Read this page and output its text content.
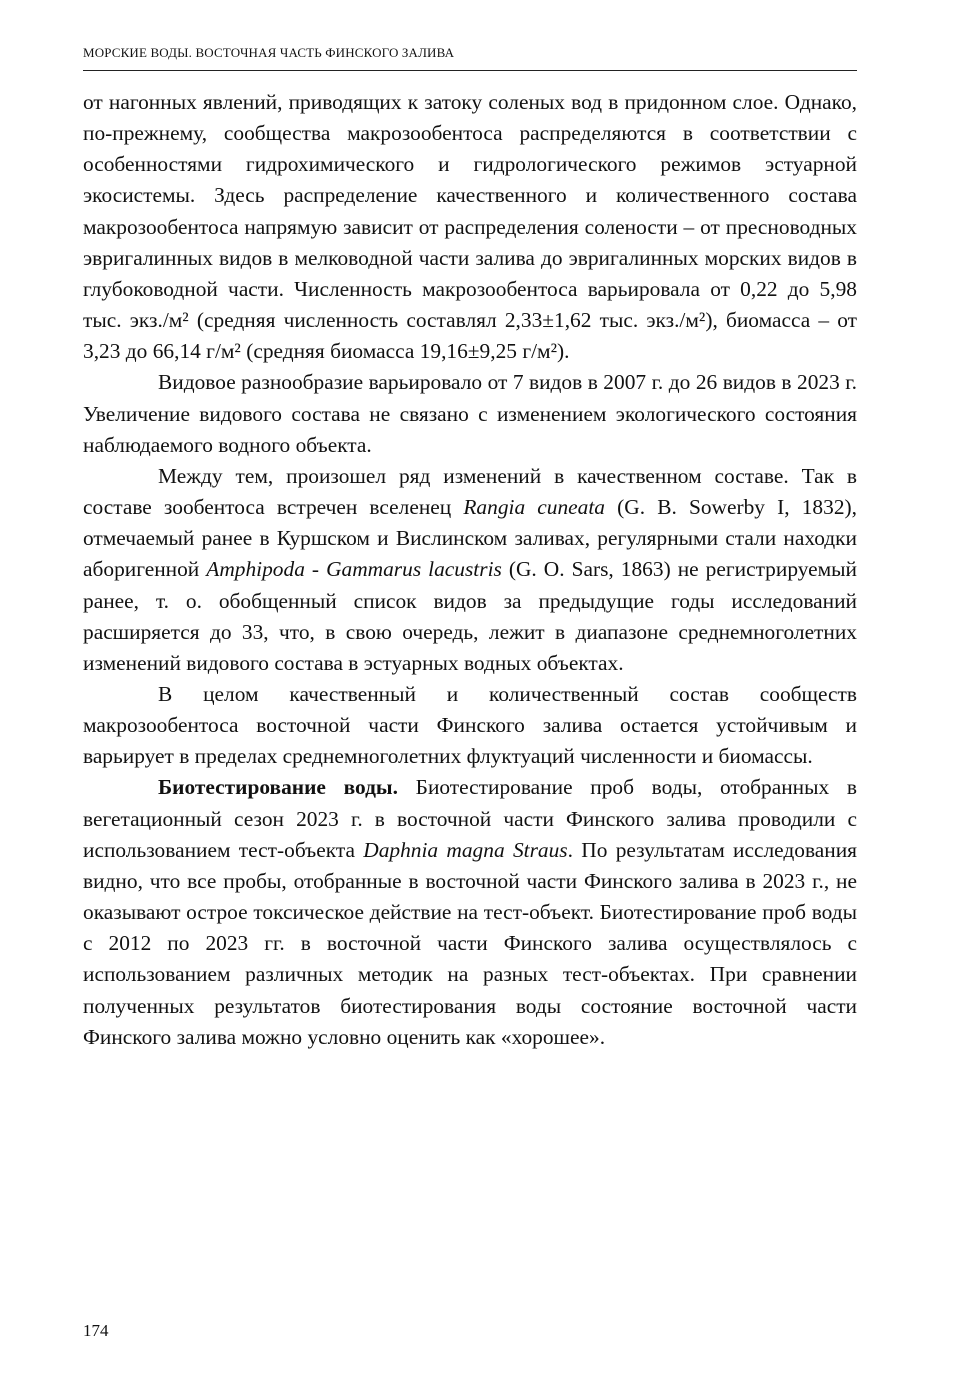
МОРСКИЕ ВОДЫ. ВОСТОЧНАЯ ЧАСТЬ ФИНСКОГО ЗАЛИВА

от нагонных явлений, приводящих к затоку соленых вод в придонном слое. Однако, по-прежнему, сообщества макрозообентоса распределяются в соответствии с особенностями гидрохимического и гидрологического режимов эстуарной экосистемы. Здесь распределение качественного и количественного состава макрозообентоса напрямую зависит от распределения солености – от пресноводных эвригалинных видов в мелководной части залива до эвригалинных морских видов в глубоководной части. Численность макрозообентоса варьировала от 0,22 до 5,98 тыс. экз./м² (средняя численность составлял 2,33±1,62 тыс. экз./м²), биомасса – от 3,23 до 66,14 г/м² (средняя биомасса 19,16±9,25 г/м²).

Видовое разнообразие варьировало от 7 видов в 2007 г. до 26 видов в 2023 г. Увеличение видового состава не связано с изменением экологического состояния наблюдаемого водного объекта.

Между тем, произошел ряд изменений в качественном составе. Так в составе зообентоса встречен вселенец Rangia cuneata (G. B. Sowerby I, 1832), отмечаемый ранее в Куршском и Вислинском заливах, регулярными стали находки аборигенной Amphipoda - Gammarus lacustris (G. O. Sars, 1863) не регистрируемый ранее, т. о. обобщенный список видов за предыдущие годы исследований расширяется до 33, что, в свою очередь, лежит в диапазоне среднемноголетних изменений видового состава в эстуарных водных объектах.

В целом качественный и количественный состав сообществ макрозообентоса восточной части Финского залива остается устойчивым и варьирует в пределах среднемноголетних флуктуаций численности и биомассы.

Биотестирование воды. Биотестирование проб воды, отобранных в вегетационный сезон 2023 г. в восточной части Финского залива проводили с использованием тест-объекта Daphnia magna Straus. По результатам исследования видно, что все пробы, отобранные в восточной части Финского залива в 2023 г., не оказывают острое токсическое действие на тест-объект. Биотестирование проб воды с 2012 по 2023 гг. в восточной части Финского залива осуществлялось с использованием различных методик на разных тест-объектах. При сравнении полученных результатов биотестирования воды состояние восточной части Финского залива можно условно оценить как «хорошее».

174
